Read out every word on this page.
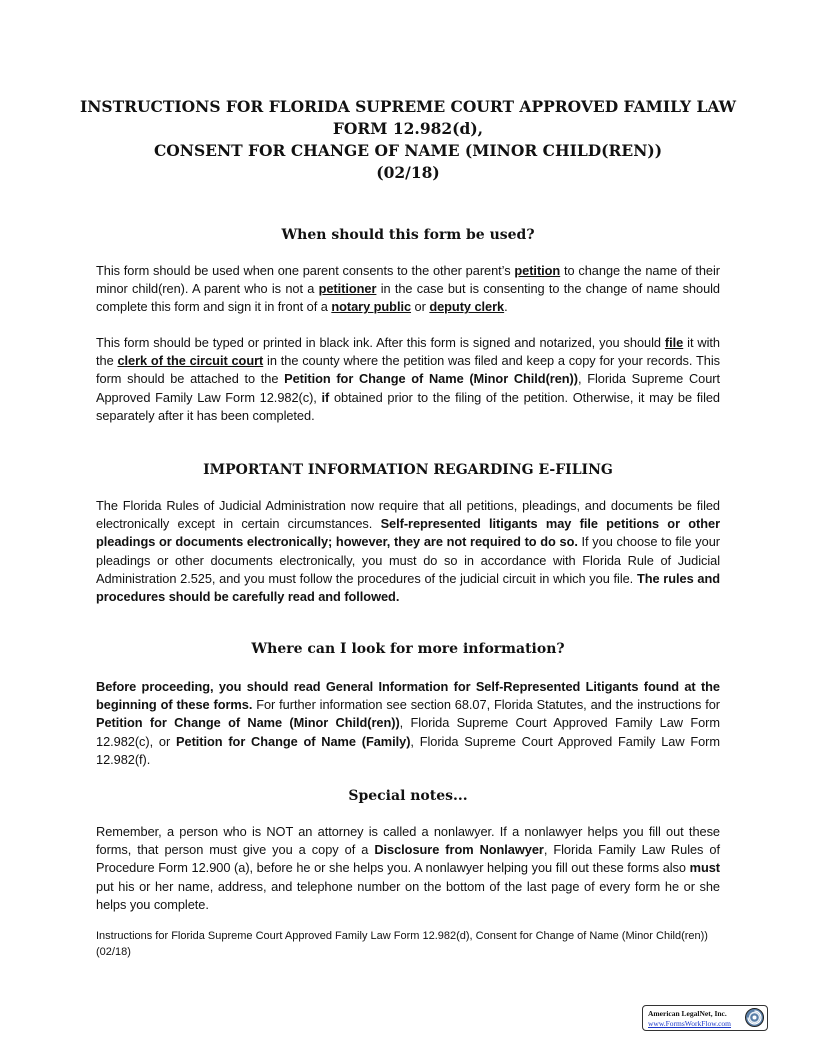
INSTRUCTIONS FOR FLORIDA SUPREME COURT APPROVED FAMILY LAW
FORM 12.982(d),
CONSENT FOR CHANGE OF NAME (MINOR CHILD(REN))
(02/18)
When should this form be used?
This form should be used when one parent consents to the other parent’s petition to change the name of their minor child(ren). A parent who is not a petitioner in the case but is consenting to the change of name should complete this form and sign it in front of a notary public or deputy clerk.
This form should be typed or printed in black ink. After this form is signed and notarized, you should file it with the clerk of the circuit court in the county where the petition was filed and keep a copy for your records. This form should be attached to the Petition for Change of Name (Minor Child(ren)), Florida Supreme Court Approved Family Law Form 12.982(c), if obtained prior to the filing of the petition. Otherwise, it may be filed separately after it has been completed.
IMPORTANT INFORMATION REGARDING E-FILING
The Florida Rules of Judicial Administration now require that all petitions, pleadings, and documents be filed electronically except in certain circumstances. Self-represented litigants may file petitions or other pleadings or documents electronically; however, they are not required to do so. If you choose to file your pleadings or other documents electronically, you must do so in accordance with Florida Rule of Judicial Administration 2.525, and you must follow the procedures of the judicial circuit in which you file. The rules and procedures should be carefully read and followed.
Where can I look for more information?
Before proceeding, you should read General Information for Self-Represented Litigants found at the beginning of these forms. For further information see section 68.07, Florida Statutes, and the instructions for Petition for Change of Name (Minor Child(ren)), Florida Supreme Court Approved Family Law Form 12.982(c), or Petition for Change of Name (Family), Florida Supreme Court Approved Family Law Form 12.982(f).
Special notes...
Remember, a person who is NOT an attorney is called a nonlawyer. If a nonlawyer helps you fill out these forms, that person must give you a copy of a Disclosure from Nonlawyer, Florida Family Law Rules of Procedure Form 12.900 (a), before he or she helps you. A nonlawyer helping you fill out these forms also must put his or her name, address, and telephone number on the bottom of the last page of every form he or she helps you complete.
Instructions for Florida Supreme Court Approved Family Law Form 12.982(d), Consent for Change of Name (Minor Child(ren))(02/18)
American LegalNet, Inc.
www.FormsWorkFlow.com
